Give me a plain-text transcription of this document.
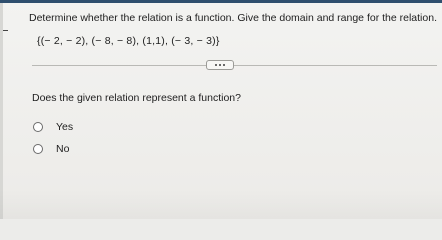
Determine whether the relation is a function. Give the domain and range for the relation.
{(− 2, − 2), (− 8, − 8), (1,1), (− 3, − 3)}
Does the given relation represent a function?
Yes
No
